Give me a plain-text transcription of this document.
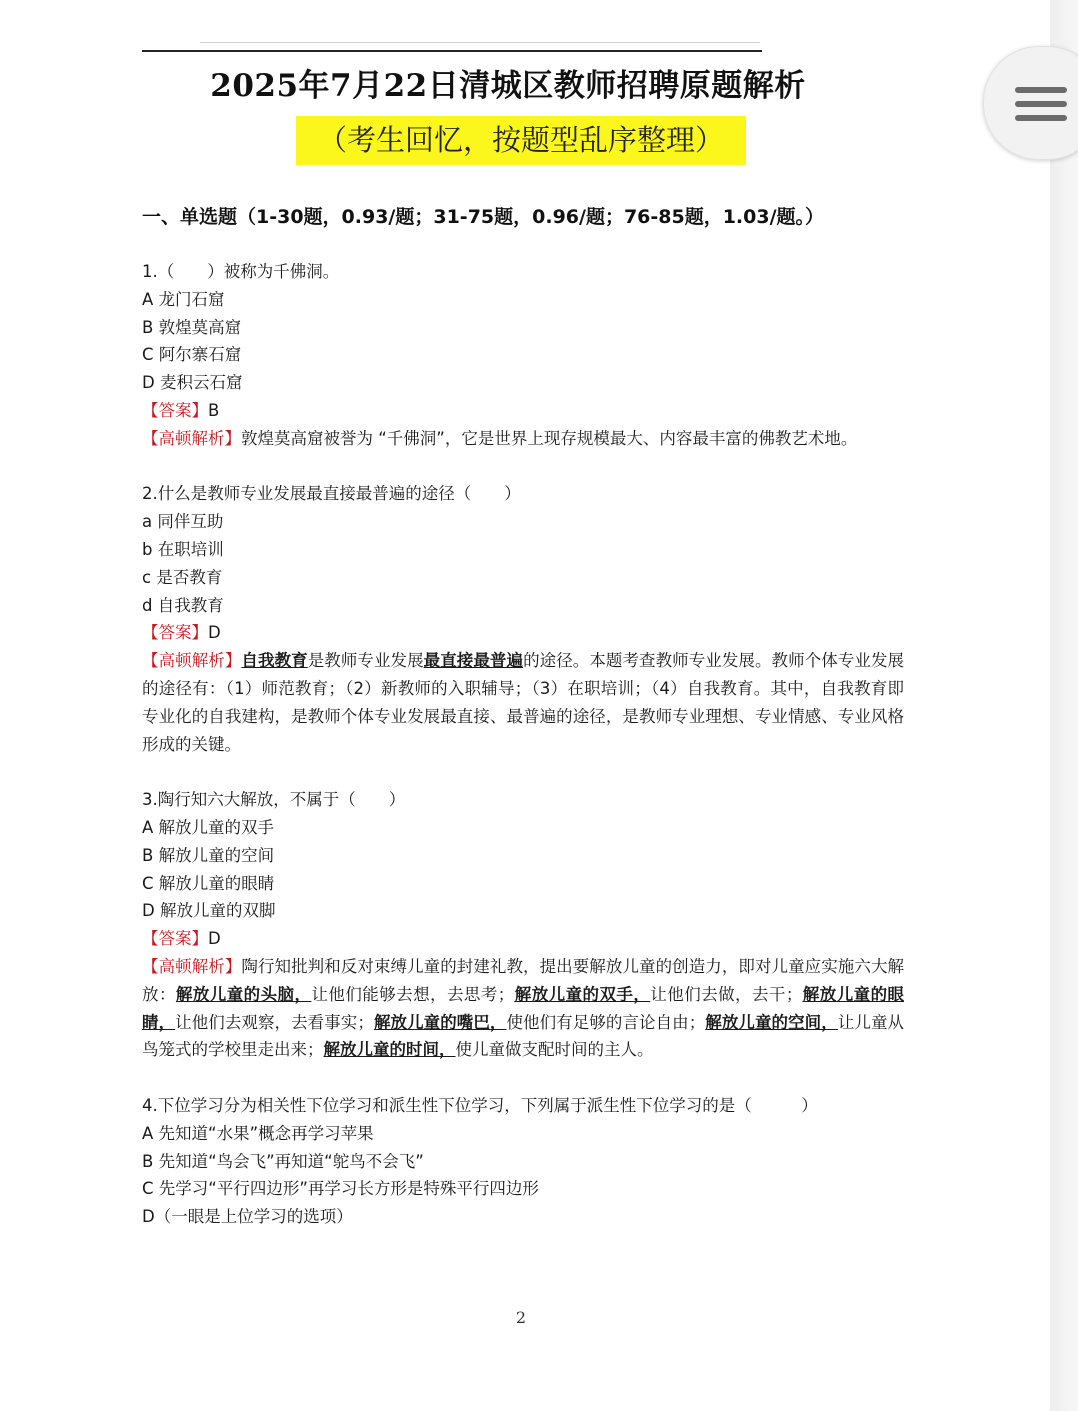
2025年7月22日清城区教师招聘原题解析
（考生回忆，按题型乱序整理）
一、单选题（1-30题，0.93/题；31-75题，0.96/题；76-85题，1.03/题。）
1.（　　）被称为千佛洞。
A 龙门石窟
B 敦煌莫高窟
C 阿尔寨石窟
D 麦积云石窟
【答案】B
【高顿解析】敦煌莫高窟被誉为 “千佛洞”，它是世界上现存规模最大、内容最丰富的佛教艺术地。
2.什么是教师专业发展最直接最普遍的途径（　　）
a 同伴互助
b 在职培训
c 是否教育
d 自我教育
【答案】D
【高顿解析】自我教育是教师专业发展最直接最普遍的途径。本题考查教师专业发展。教师个体专业发展的途径有：（1）师范教育；（2）新教师的入职辅导；（3）在职培训；（4）自我教育。其中，自我教育即专业化的自我建构，是教师个体专业发展最直接、最普遍的途径，是教师专业理想、专业情感、专业风格形成的关键。
3.陶行知六大解放，不属于（　　）
A 解放儿童的双手
B 解放儿童的空间
C 解放儿童的眼睛
D 解放儿童的双脚
【答案】D
【高顿解析】陶行知批判和反对束缚儿童的封建礼教，提出要解放儿童的创造力，即对儿童应实施六大解放：解放儿童的头脑，让他们能够去想，去思考；解放儿童的双手，让他们去做，去干；解放儿童的眼睛，让他们去观察，去看事实；解放儿童的嘴巴，使他们有足够的言论自由；解放儿童的空间，让儿童从鸟笼式的学校里走出来；解放儿童的时间，使儿童做支配时间的主人。
4.下位学习分为相关性下位学习和派生性下位学习，下列属于派生性下位学习的是（　　　）
A 先知道“水果”概念再学习苹果
B 先知道“鸟会飞”再知道“鸵鸟不会飞”
C 先学习“平行四边形”再学习长方形是特殊平行四边形
D（一眼是上位学习的选项）
2
